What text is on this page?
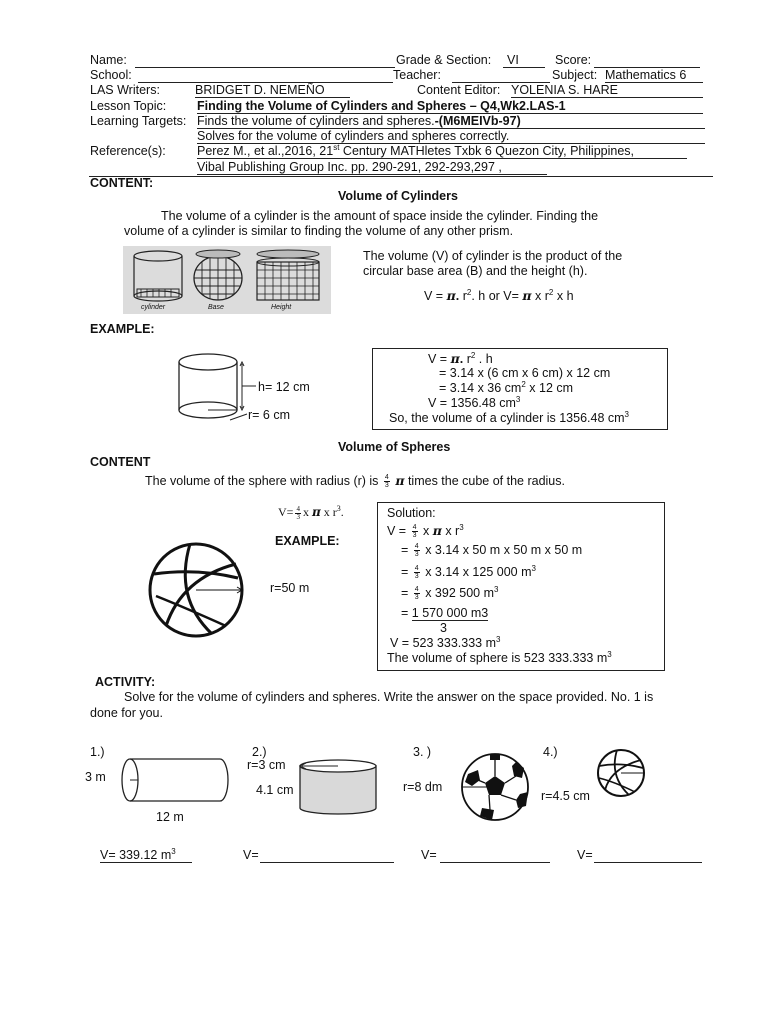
Name:	Grade & Section:	VI	Score:
School:	Teacher:	Subject: Mathematics 6
LAS Writers:	BRIDGET D. NEMEÑO	Content Editor: YOLENIA S. HARE
Lesson Topic: Finding the Volume of Cylinders and Spheres – Q4,Wk2.LAS-1
Learning Targets: Finds the volume of cylinders and spheres.-(M6MEIVb-97)
Solves for the volume of cylinders and spheres correctly.
Reference(s):	Perez M., et al.,2016, 21st Century MATHletes Txbk 6 Quezon City, Philippines,
Vibal Publishing Group Inc. pp. 290-291, 292-293,297 ,
CONTENT:
Volume of Cylinders
The volume of a cylinder is the amount of space inside the cylinder. Finding the
volume of a cylinder is similar to finding the volume of any other prism.
cylinder	Base	Height
The volume (V) of cylinder is the product of the
circular base area (B) and the height (h).
V = π. $r^2$. h or V= π x $r^2$ x h
EXAMPLE:
h= 12 cm
r= 6 cm
V = π. $r^2$ . h
= 3.14 x (6 cm x 6 cm) x 12 cm
= 3.14 x 36 $cm^2$ x 12 cm
V = 1356.48 $cm^3$
So, the volume of a cylinder is 1356.48 $cm^3$
Volume of Spheres
CONTENT
The volume of the sphere with radius (r) is $\frac{4}{3}$ π times the cube of the radius.
$V= \frac{4}{3}$ x π x $r^3$.
EXAMPLE:
r=50 m
Solution:
$V = \frac{4}{3}$ x π x $r^3$
= $\frac{4}{3}$ x 3.14 x 50 m x 50 m x 50 m
= $\frac{4}{3}$ x 3.14 x 125 000 $m^3$
= $\frac{4}{3}$ x 392 500 $m^3$
= 1 570 000 m3
3
V = 523 333.333 $m^3$
The volume of sphere is 523 333.333 $m^3$
ACTIVITY:
Solve for the volume of cylinders and spheres. Write the answer on the space provided. No. 1 is
done for you.
1.)
3 m
12 m
V= 339.12 $m^3$
2.)
r=3 cm
4.1 cm
V=
3. )
r=8 dm
V=
4.)
r=4.5 cm
V=
